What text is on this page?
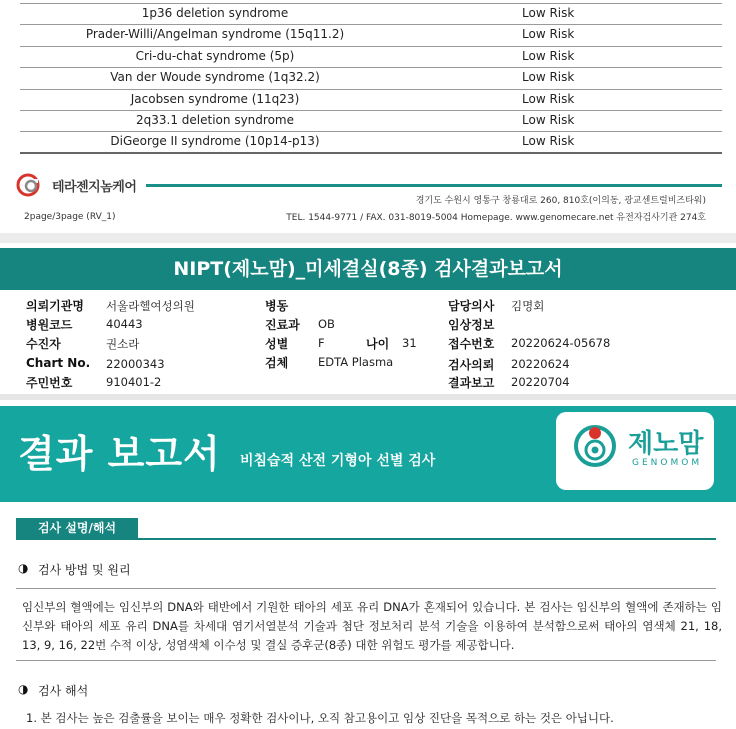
1p36 deletion syndrome	Low Risk
Prader-Willi/Angelman syndrome (15q11.2)	Low Risk
Cri-du-chat syndrome (5p)	Low Risk
Van der Woude syndrome (1q32.2)	Low Risk
Jacobsen syndrome (11q23)	Low Risk
2q33.1 deletion syndrome	Low Risk
DiGeorge II syndrome (10p14-p13)	Low Risk
테라젠지놈케어
경기도 수원시 영통구 창룡대로 260, 810호(이의동, 광교센트럴비즈타워)
2page/3page (RV_1)	TEL. 1544-9771 / FAX. 031-8019-5004 Homepage. www.genomecare.net 유전자검사기관 274호
NIPT(제노맘)_미세결실(8종) 검사결과보고서
의뢰기관명 서울라헬여성의원
병원코드	40443
수진자	권소라
Chart No. 22000343
주민번호	910401-2
병동
진료과 OB
성별	F	나이 31
검체	EDTA Plasma
담당의사 김명회
임상정보
접수번호 20220624-05678
검사의뢰 20220624
결과보고 20220704
결과 보고서 비침습적 산전 기형아 선별 검사
제노맘
GENOMOM
검사 설명/해석
◑ 검사 방법 및 원리
임신부의 혈액에는 임신부의 DNA와 태반에서 기원한 태아의 세포 유리 DNA가 혼재되어 있습니다. 본 검사는 임신부의 혈액에 존재하는 임신부와 태아의 세포 유리 DNA를 차세대 염기서열분석 기술과 첨단 정보처리 분석 기술을 이용하여 분석함으로써 태아의 염색체 21, 18, 13, 9, 16, 22번 수적 이상, 성염색체 이수성 및 결실 증후군(8종) 대한 위험도 평가를 제공합니다.
◑ 검사 해석
1. 본 검사는 높은 검출률을 보이는 매우 정확한 검사이나, 오직 참고용이고 임상 진단을 목적으로 하는 것은 아닙니다.
